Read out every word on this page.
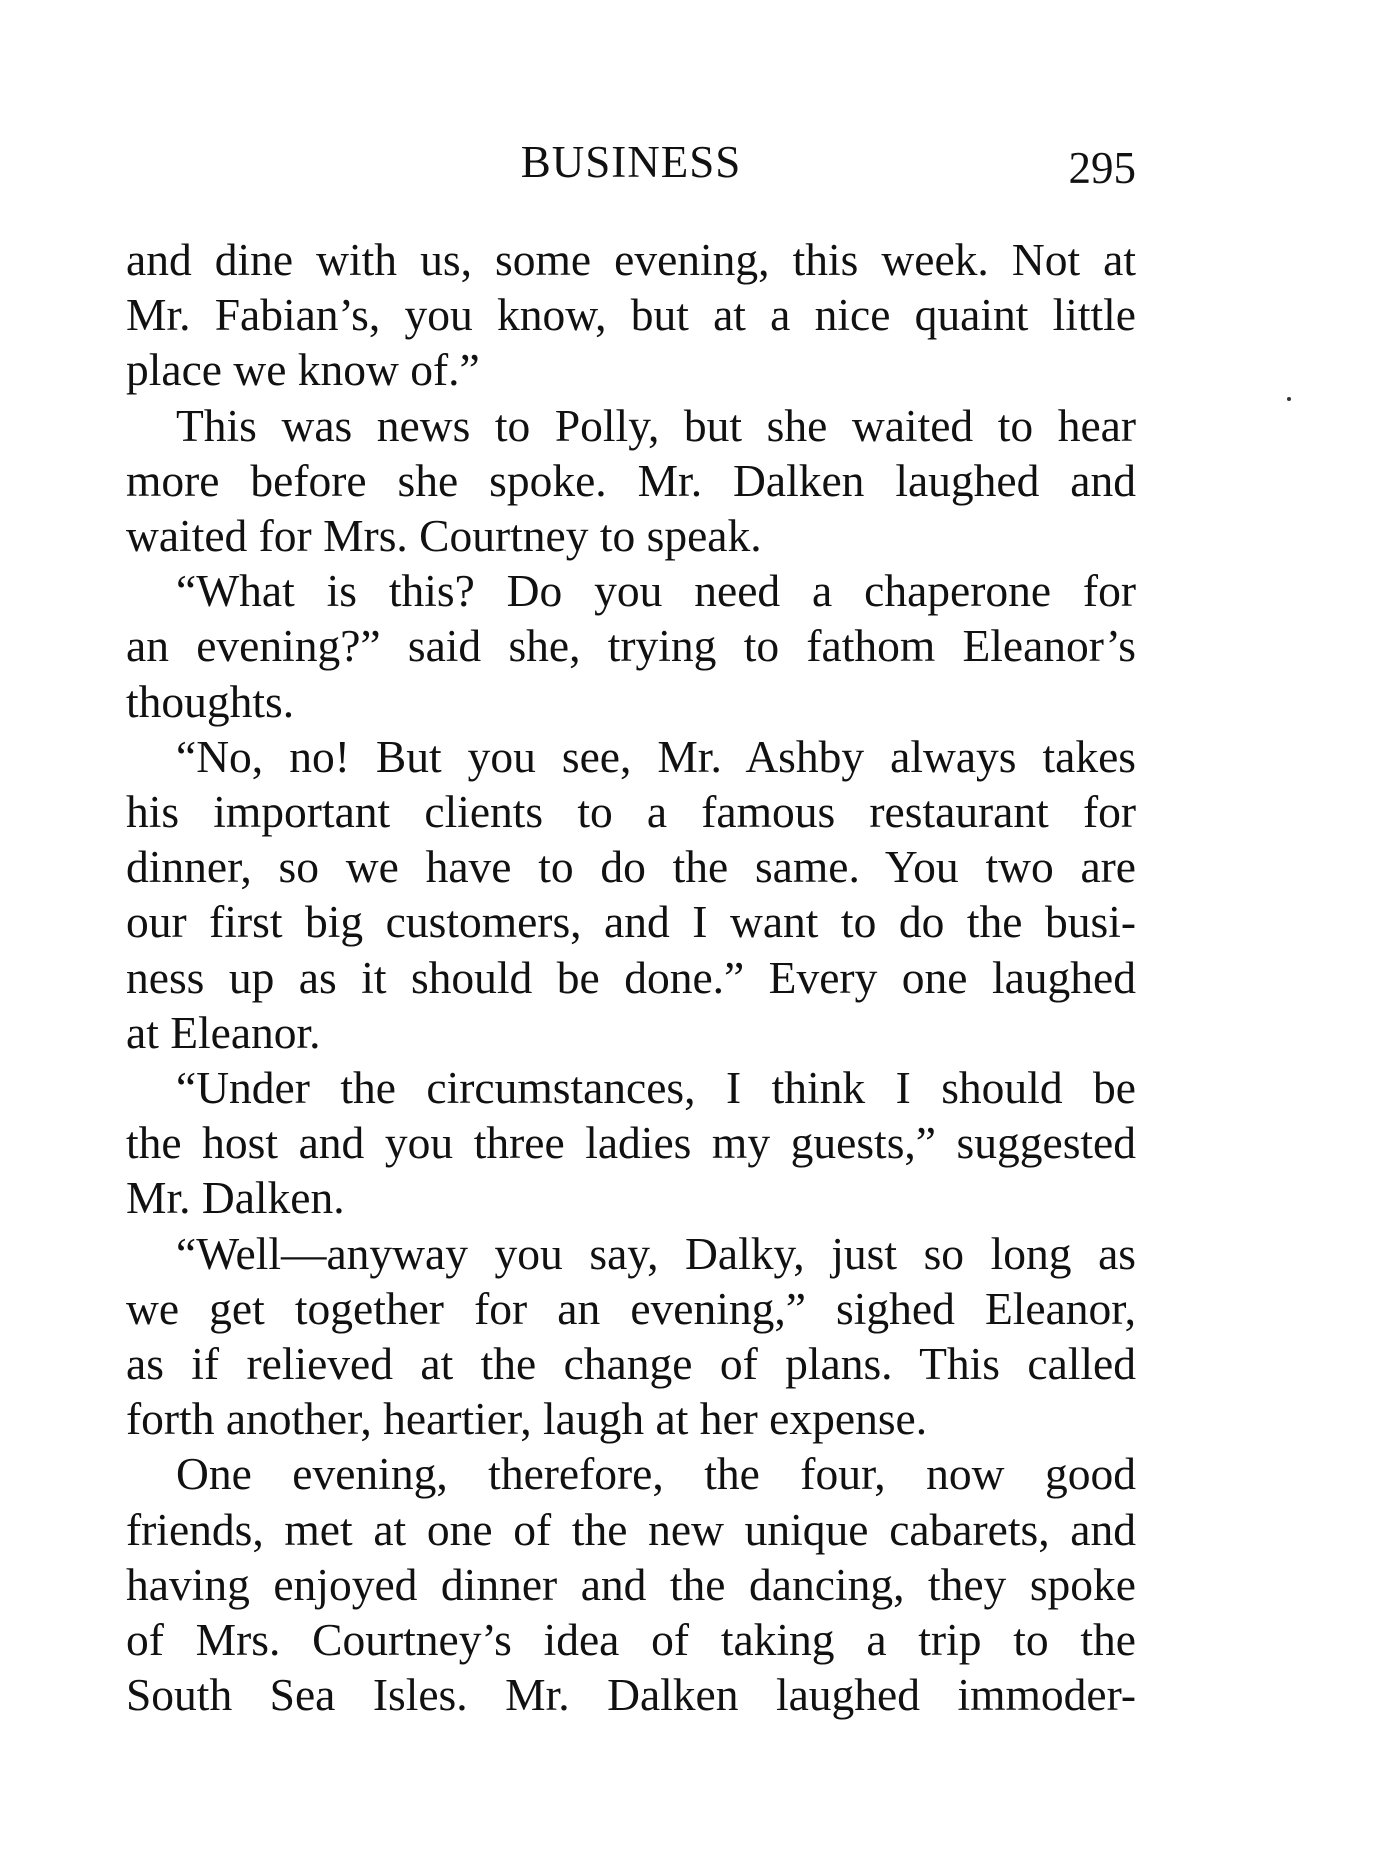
BUSINESS	295

and dine with us, some evening, this week. Not at
Mr. Fabian’s, you know, but at a nice quaint little
place we know of.”

This was news to Polly, but she waited to hear
more before she spoke. Mr. Dalken laughed and
waited for Mrs. Courtney to speak.

“What is this? Do you need a chaperone for
an evening?” said she, trying to fathom Eleanor’s
thoughts.

“No, no! But you see, Mr. Ashby always takes
his important clients to a famous restaurant for
dinner, so we have to do the same. You two are
our first big customers, and I want to do the busi-
ness up as it should be done.” Every one laughed
at Eleanor.

“Under the circumstances, I think I should be
the host and you three ladies my guests,” suggested
Mr. Dalken.

“Well—anyway you say, Dalky, just so long as
we get together for an evening,” sighed Eleanor,
as if relieved at the change of plans. This called
forth another, heartier, laugh at her expense.

One evening, therefore, the four, now good
friends, met at one of the new unique cabarets, and
having enjoyed dinner and the dancing, they spoke
of Mrs. Courtney’s idea of taking a trip to the
South Sea Isles. Mr. Dalken laughed immoder-
